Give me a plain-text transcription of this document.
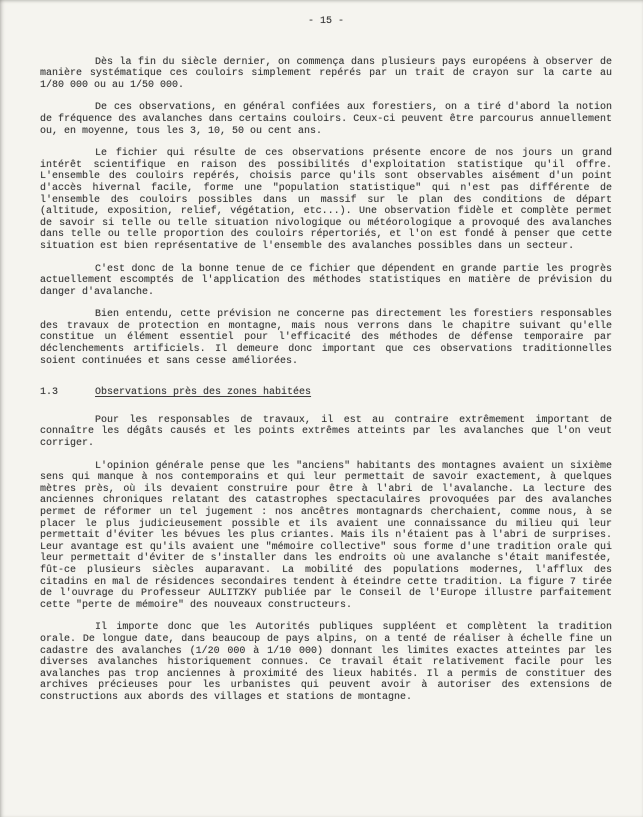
- 15 -

Dès la fin du siècle dernier, on commença dans plusieurs pays européens à observer de manière systématique ces couloirs simplement repérés par un trait de crayon sur la carte au 1/80 000 ou au 1/50 000.

De ces observations, en général confiées aux forestiers, on a tiré d'abord la notion de fréquence des avalanches dans certains couloirs. Ceux-ci peuvent être parcourus annuellement ou, en moyenne, tous les 3, 10, 50 ou cent ans.

Le fichier qui résulte de ces observations présente encore de nos jours un grand intérêt scientifique en raison des possibilités d'exploitation statistique qu'il offre. L'ensemble des couloirs repérés, choisis parce qu'ils sont observables aisément d'un point d'accès hivernal facile, forme une "population statistique" qui n'est pas différente de l'ensemble des couloirs possibles dans un massif sur le plan des conditions de départ (altitude, exposition, relief, végétation, etc...). Une observation fidèle et complète permet de savoir si telle ou telle situation nivologique ou météorologique a provoqué des avalanches dans telle ou telle proportion des couloirs répertoriés, et l'on est fondé à penser que cette situation est bien représentative de l'ensemble des avalanches possibles dans un secteur.

C'est donc de la bonne tenue de ce fichier que dépendent en grande partie les progrès actuellement escomptés de l'application des méthodes statistiques en matière de prévision du danger d'avalanche.

Bien entendu, cette prévision ne concerne pas directement les forestiers responsables des travaux de protection en montagne, mais nous verrons dans le chapitre suivant qu'elle constitue un élément essentiel pour l'efficacité des méthodes de défense temporaire par déclenchements artificiels. Il demeure donc important que ces observations traditionnelles soient continuées et sans cesse améliorées.

1.3	Observations près des zones habitées

Pour les responsables de travaux, il est au contraire extrêmement important de connaître les dégâts causés et les points extrêmes atteints par les avalanches que l'on veut corriger.

L'opinion générale pense que les "anciens" habitants des montagnes avaient un sixième sens qui manque à nos contemporains et qui leur permettait de savoir exactement, à quelques mètres près, où ils devaient construire pour être à l'abri de l'avalanche. La lecture des anciennes chroniques relatant des catastrophes spectaculaires provoquées par des avalanches permet de réformer un tel jugement : nos ancêtres montagnards cherchaient, comme nous, à se placer le plus judicieusement possible et ils avaient une connaissance du milieu qui leur permettait d'éviter les bévues les plus criantes. Mais ils n'étaient pas à l'abri de surprises. Leur avantage est qu'ils avaient une "mémoire collective" sous forme d'une tradition orale qui leur permettait d'éviter de s'installer dans les endroits où une avalanche s'était manifestée, fût-ce plusieurs siècles auparavant. La mobilité des populations modernes, l'afflux des citadins en mal de résidences secondaires tendent à éteindre cette tradition. La figure 7 tirée de l'ouvrage du Professeur AULITZKY publiée par le Conseil de l'Europe illustre parfaitement cette "perte de mémoire" des nouveaux constructeurs.

Il importe donc que les Autorités publiques suppléent et complètent la tradition orale. De longue date, dans beaucoup de pays alpins, on a tenté de réaliser à échelle fine un cadastre des avalanches (1/20 000 à 1/10 000) donnant les limites exactes atteintes par les diverses avalanches historiquement connues. Ce travail était relativement facile pour les avalanches pas trop anciennes à proximité des lieux habités. Il a permis de constituer des archives précieuses pour les urbanistes qui peuvent avoir à autoriser des extensions de constructions aux abords des villages et stations de montagne.
